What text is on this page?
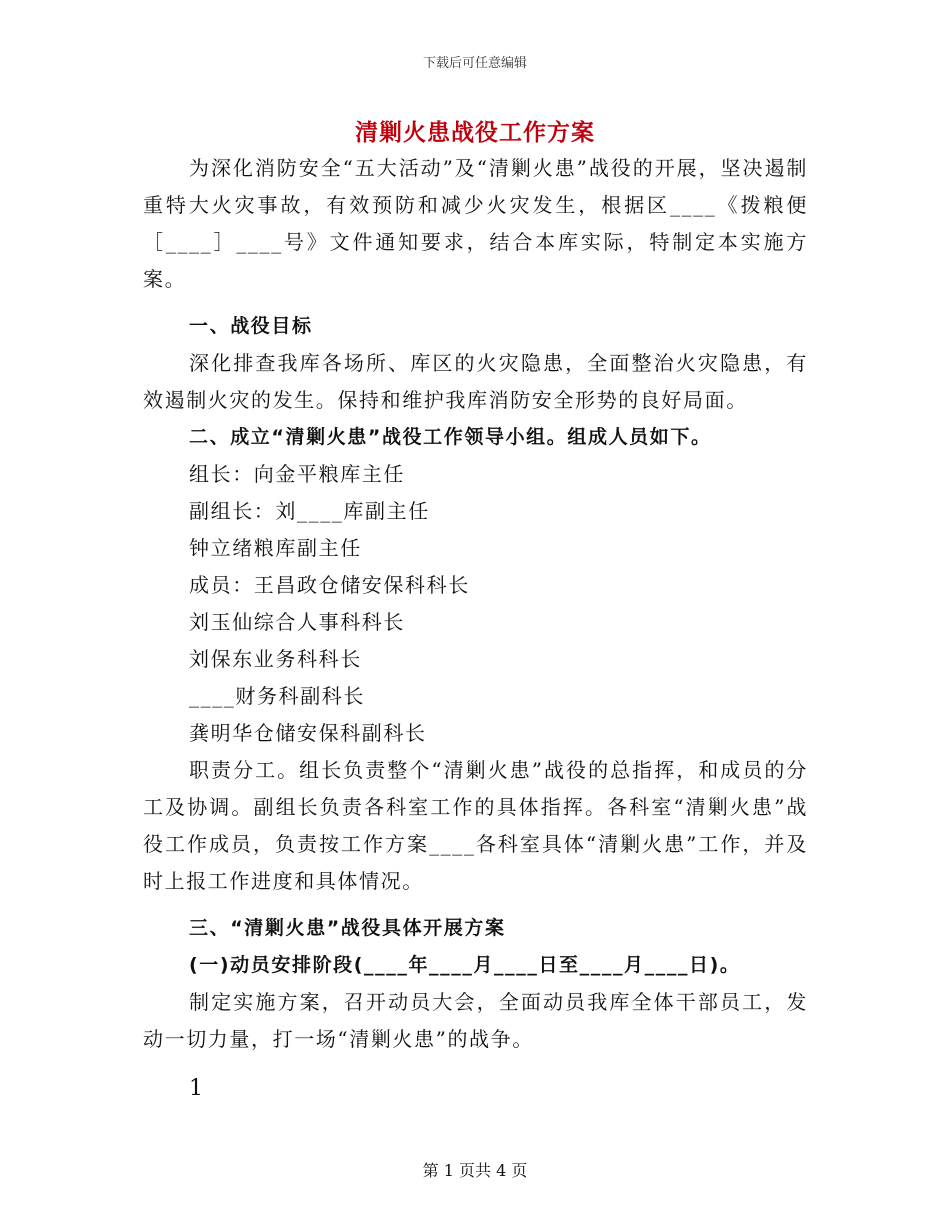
下载后可任意编辑
清剿火患战役工作方案

为深化消防安全“五大活动”及“清剿火患”战役的开展，坚决遏制重特大火灾事故，有效预防和减少火灾发生，根据区____《拨粮便［____］____号》文件通知要求，结合本库实际，特制定本实施方案。

一、战役目标

深化排查我库各场所、库区的火灾隐患，全面整治火灾隐患，有效遏制火灾的发生。保持和维护我库消防安全形势的良好局面。

二、成立“清剿火患”战役工作领导小组。组成人员如下。

组长：向金平粮库主任

副组长：刘____库副主任

钟立绪粮库副主任

成员：王昌政仓储安保科科长

刘玉仙综合人事科科长

刘保东业务科科长

____财务科副科长

龚明华仓储安保科副科长

职责分工。组长负责整个“清剿火患”战役的总指挥，和成员的分工及协调。副组长负责各科室工作的具体指挥。各科室“清剿火患”战役工作成员，负责按工作方案____各科室具体“清剿火患”工作，并及时上报工作进度和具体情况。

三、“清剿火患”战役具体开展方案

(一)动员安排阶段(____年____月____日至____月____日)。

制定实施方案，召开动员大会，全面动员我库全体干部员工，发动一切力量，打一场“清剿火患”的战争。

1

第 1 页共 4 页
